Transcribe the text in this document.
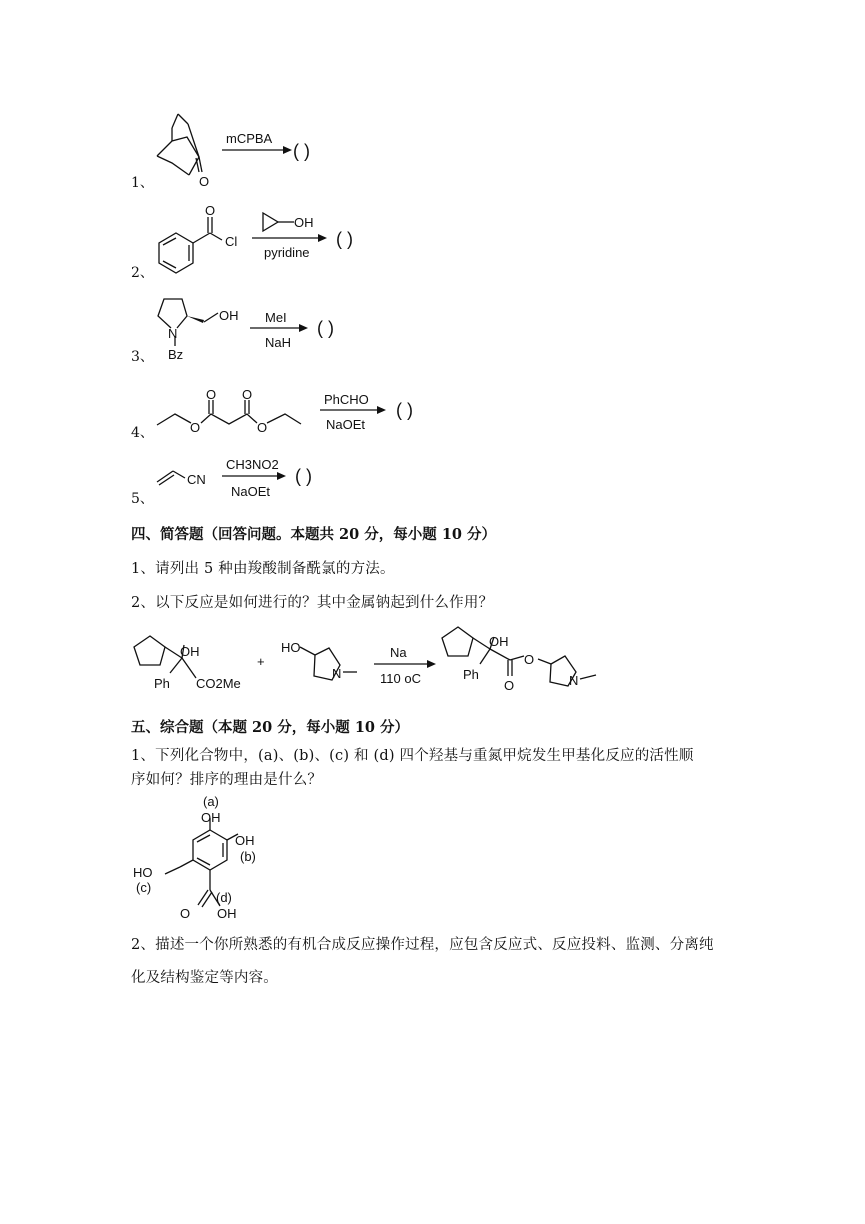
1、
2、
3、
4、
5、
O
mCPBA
( )
O
Cl
OH
pyridine
( )
N
OH
Bz
MeI
NaH
( )
O
O O
O
PhCHO
NaOEt
( )
CN
CH3NO2
NaOEt
( )
OH
Ph CO2Me
+
HO
N
Na
110 oC
OH
Ph
O
O
N
(a)
OH
OH
(b)
HO
(c)
(d)
O OH
四、简答题（回答问题。本题共 20 分，每小题 10 分）
1、请列出 5 种由羧酸制备酰氯的方法。
2、以下反应是如何进行的？其中金属钠起到什么作用？
五、综合题（本题 20 分，每小题 10 分）
1、下列化合物中，(a)、(b)、(c) 和 (d) 四个羟基与重氮甲烷发生甲基化反应的活性顺
序如何？排序的理由是什么？
2、描述一个你所熟悉的有机合成反应操作过程，应包含反应式、反应投料、监测、分离纯
化及结构鉴定等内容。
